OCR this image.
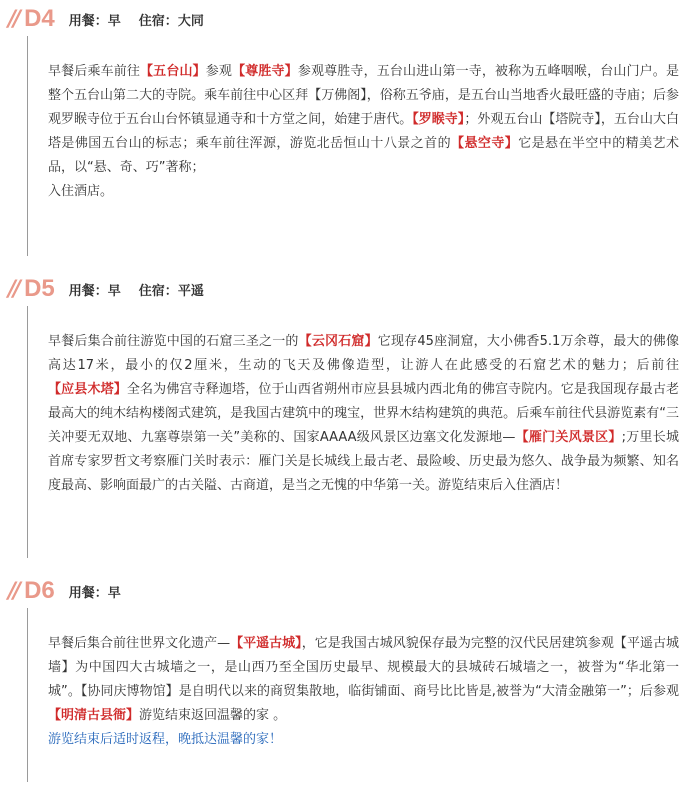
// D4 用餐：早 住宿：大同
早餐后乘车前往【五台山】参观【尊胜寺】参观尊胜寺，五台山进山第一寺，被称为五峰咽喉，台山门户。是整个五台山第二大的寺院。乘车前往中心区拜【万佛阁】，俗称五爷庙，是五台山当地香火最旺盛的寺庙；后参观罗睺寺位于五台山台怀镇显通寺和十方堂之间，始建于唐代。【罗睺寺】；外观五台山【塔院寺】，五台山大白塔是佛国五台山的标志；乘车前往浑源，游览北岳恒山十八景之首的【悬空寺】它是悬在半空中的精美艺术品，以“悬、奇、巧”著称；
入住酒店。
// D5 用餐：早 住宿：平遥
早餐后集合前往游览中国的石窟三圣之一的【云冈石窟】它现存45座洞窟，大小佛香5.1万余尊，最大的佛像高达17米，最小的仅2厘米，生动的飞天及佛像造型，让游人在此感受的石窟艺术的魅力；后前往【应县木塔】全名为佛宫寺释迦塔，位于山西省朔州市应县县城内西北角的佛宫寺院内。它是我国现存最古老最高大的纯木结构楼阁式建筑，是我国古建筑中的瑰宝，世界木结构建筑的典范。后乘车前往代县游览素有“三关冲要无双地、九塞尊崇第一关”美称的、国家AAAA级风景区边塞文化发源地—【雁门关风景区】;万里长城首席专家罗哲文考察雁门关时表示：雁门关是长城线上最古老、最险峻、历史最为悠久、战争最为频繁、知名度最高、影响面最广的古关隘、古商道，是当之无愧的中华第一关。游览结束后入住酒店！
// D6 用餐：早
早餐后集合前往世界文化遗产—【平遥古城】，它是我国古城风貌保存最为完整的汉代民居建筑参观【平遥古城墙】为中国四大古城墙之一，是山西乃至全国历史最早、规模最大的县城砖石城墙之一，被誉为“华北第一城”。【协同庆博物馆】是自明代以来的商贸集散地，临街铺面、商号比比皆是,被誉为“大清金融第一”；后参观【明清古县衙】游览结束返回温馨的家 。
游览结束后适时返程，晚抵达温馨的家！
